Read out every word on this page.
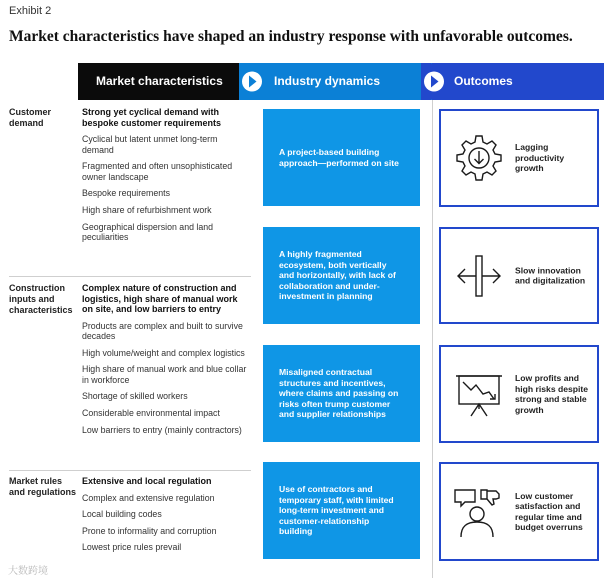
Exhibit 2
Market characteristics have shaped an industry response with unfavorable outcomes.
Market characteristics	Industry dynamics	Outcomes
Customer demand
Construction inputs and characteristics
Market rules and regulations
Strong yet cyclical demand with bespoke customer requirements
Cyclical but latent unmet long-term demand
Fragmented and often unsophisticated owner landscape
Bespoke requirements
High share of refurbishment work
Geographical dispersion and land peculiarities
Complex nature of construction and logistics, high share of manual work on site, and low barriers to entry
Products are complex and built to survive decades
High volume/weight and complex logistics
High share of manual work and blue collar in workforce
Shortage of skilled workers
Considerable environmental impact
Low barriers to entry (mainly contractors)
Extensive and local regulation
Complex and extensive regulation
Local building codes
Prone to informality and corruption
Lowest price rules prevail
A project-based building approach—performed on site
A highly fragmented ecosystem, both vertically and horizontally, with lack of collaboration and under-investment in planning
Misaligned contractual structures and incentives, where claims and passing on risks often trump customer and supplier relationships
Use of contractors and temporary staff, with limited long-term investment and customer-relationship building
Lagging productivity growth
Slow innovation and digitalization
Low profits and high risks despite strong and stable growth
Low customer satisfaction and regular time and budget overruns
大数跨境
